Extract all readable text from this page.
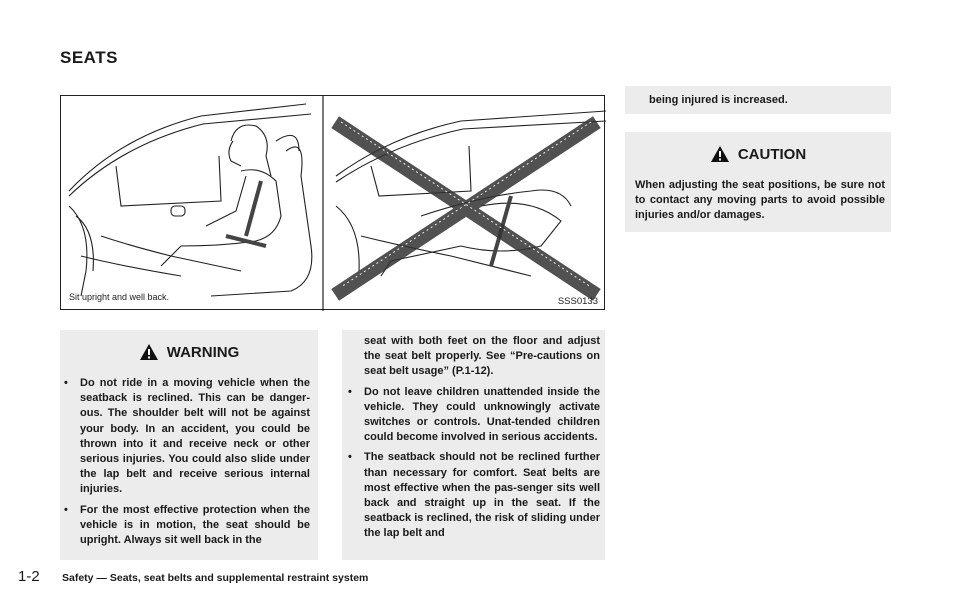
SEATS
Sit upright and well back.	SSS0133
WARNING
• Do not ride in a moving vehicle when the seatback is reclined. This can be danger-ous. The shoulder belt will not be against your body. In an accident, you could be thrown into it and receive neck or other serious injuries. You could also slide under the lap belt and receive serious internal injuries.
• For the most effective protection when the vehicle is in motion, the seat should be upright. Always sit well back in the
seat with both feet on the floor and adjust the seat belt properly. See “Pre-cautions on seat belt usage” (P.1-12).
• Do not leave children unattended inside the vehicle. They could unknowingly activate switches or controls. Unat-tended children could become involved in serious accidents.
• The seatback should not be reclined further than necessary for comfort. Seat belts are most effective when the pas-senger sits well back and straight up in the seat. If the seatback is reclined, the risk of sliding under the lap belt and
being injured is increased.
CAUTION
When adjusting the seat positions, be sure not to contact any moving parts to avoid possible injuries and/or damages.
1-2 Safety — Seats, seat belts and supplemental restraint system
